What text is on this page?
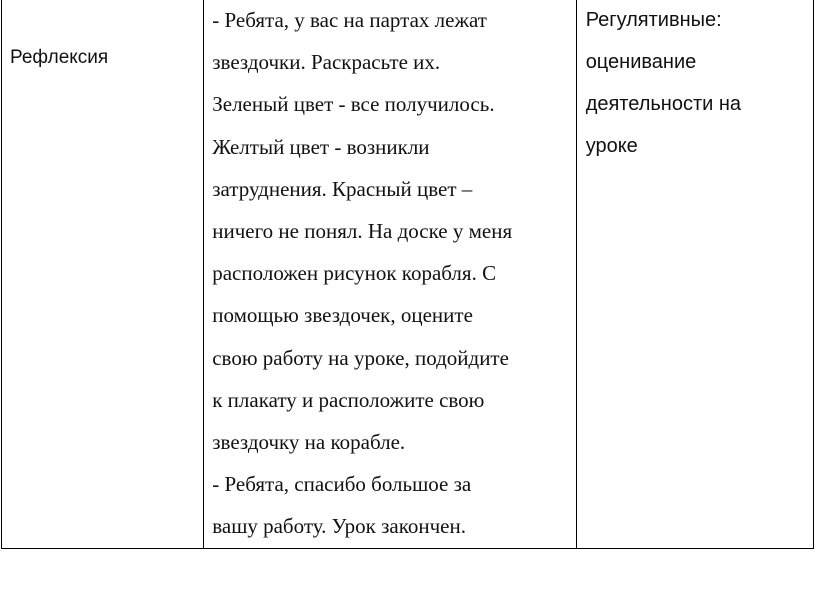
Рефлексия

- Ребята, у вас на партах лежат
звездочки. Раскрасьте их.
Зеленый цвет - все получилось.
Желтый цвет - возникли
затруднения. Красный цвет –
ничего не понял. На доске у меня
расположен рисунок корабля. С
помощью звездочек, оцените
свою работу на уроке, подойдите
к плакату и расположите свою
звездочку на корабле.
- Ребята, спасибо большое за
вашу работу. Урок закончен.

Регулятивные:
оценивание
деятельности на
уроке
